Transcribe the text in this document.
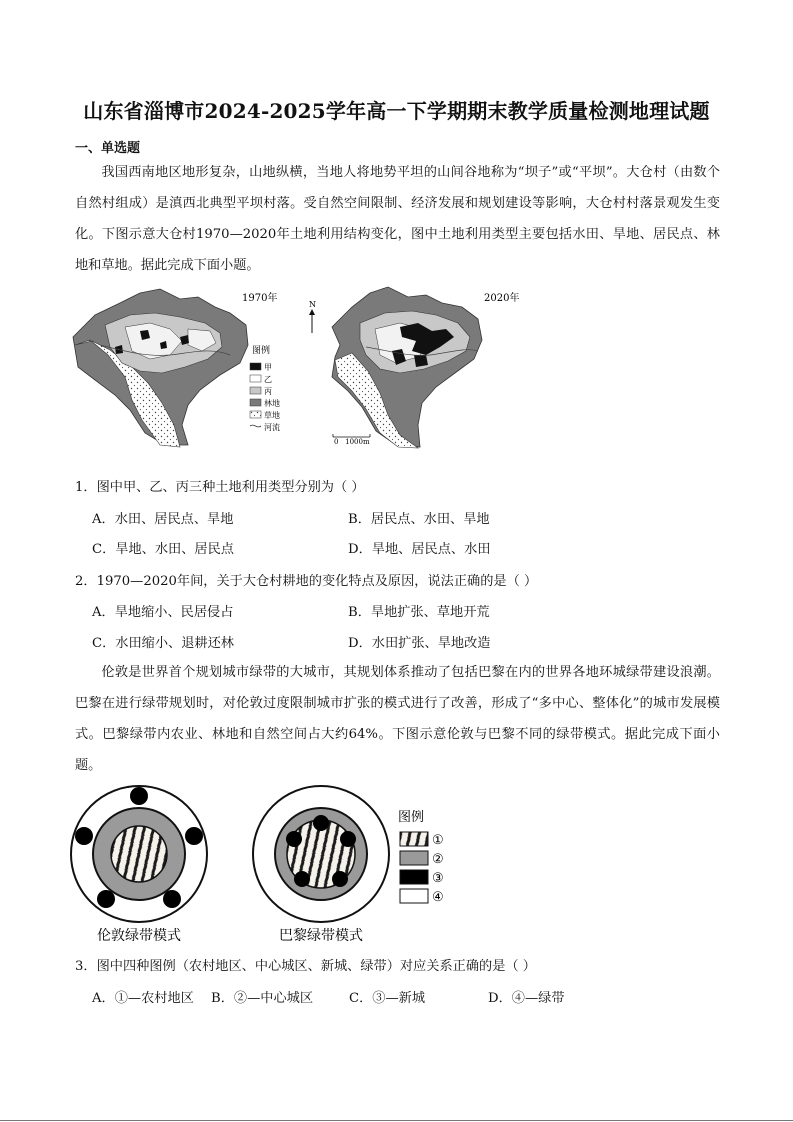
山东省淄博市2024-2025学年高一下学期期末教学质量检测地理试题
一、单选题

我国西南地区地形复杂，山地纵横，当地人将地势平坦的山间谷地称为“坝子”或“平坝”。大仓村（由数个自然村组成）是滇西北典型平坝村落。受自然空间限制、经济发展和规划建设等影响，大仓村村落景观发生变化。下图示意大仓村1970—2020年土地利用结构变化，图中土地利用类型主要包括水田、旱地、居民点、林地和草地。据此完成下面小题。

1970年
N
图例
甲
乙
丙
林地
草地
河流
2020年
0   1000m
1．图中甲、乙、丙三种土地利用类型分别为（ ）
A．水田、居民点、旱地	B．居民点、水田、旱地
C．旱地、水田、居民点	D．旱地、居民点、水田
2．1970—2020年间，关于大仓村耕地的变化特点及原因，说法正确的是（ ）
A．旱地缩小、民居侵占	B．旱地扩张、草地开荒
C．水田缩小、退耕还林	D．水田扩张、旱地改造

伦敦是世界首个规划城市绿带的大城市，其规划体系推动了包括巴黎在内的世界各地环城绿带建设浪潮。巴黎在进行绿带规划时，对伦敦过度限制城市扩张的模式进行了改善，形成了“多中心、整体化”的城市发展模式。巴黎绿带内农业、林地和自然空间占大约64%。下图示意伦敦与巴黎不同的绿带模式。据此完成下面小题。

伦敦绿带模式	巴黎绿带模式
图例
①
②
③
④
3．图中四种图例（农村地区、中心城区、新城、绿带）对应关系正确的是（ ）
A．①—农村地区 B．②—中心城区	C．③—新城	D．④—绿带
